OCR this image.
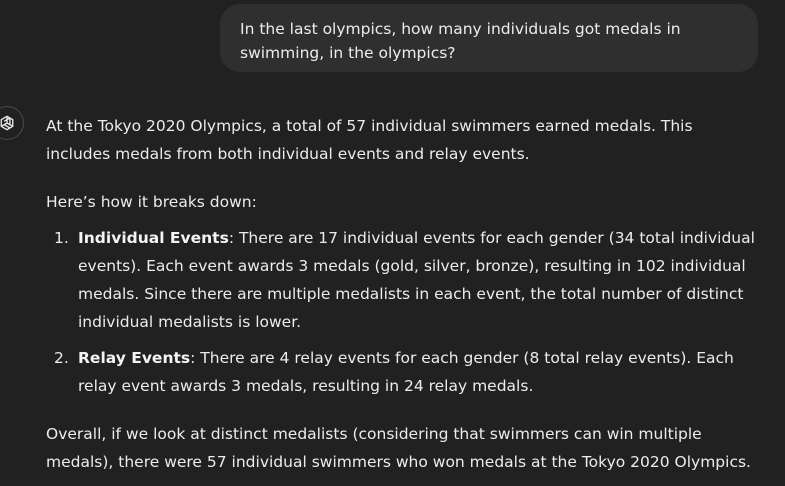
In the last olympics, how many individuals got medals in swimming, in the olympics?

At the Tokyo 2020 Olympics, a total of 57 individual swimmers earned medals. This includes medals from both individual events and relay events.

Here’s how it breaks down:

1. Individual Events: There are 17 individual events for each gender (34 total individual events). Each event awards 3 medals (gold, silver, bronze), resulting in 102 individual medals. Since there are multiple medalists in each event, the total number of distinct individual medalists is lower.
2. Relay Events: There are 4 relay events for each gender (8 total relay events). Each relay event awards 3 medals, resulting in 24 relay medals.

Overall, if we look at distinct medalists (considering that swimmers can win multiple medals), there were 57 individual swimmers who won medals at the Tokyo 2020 Olympics.
